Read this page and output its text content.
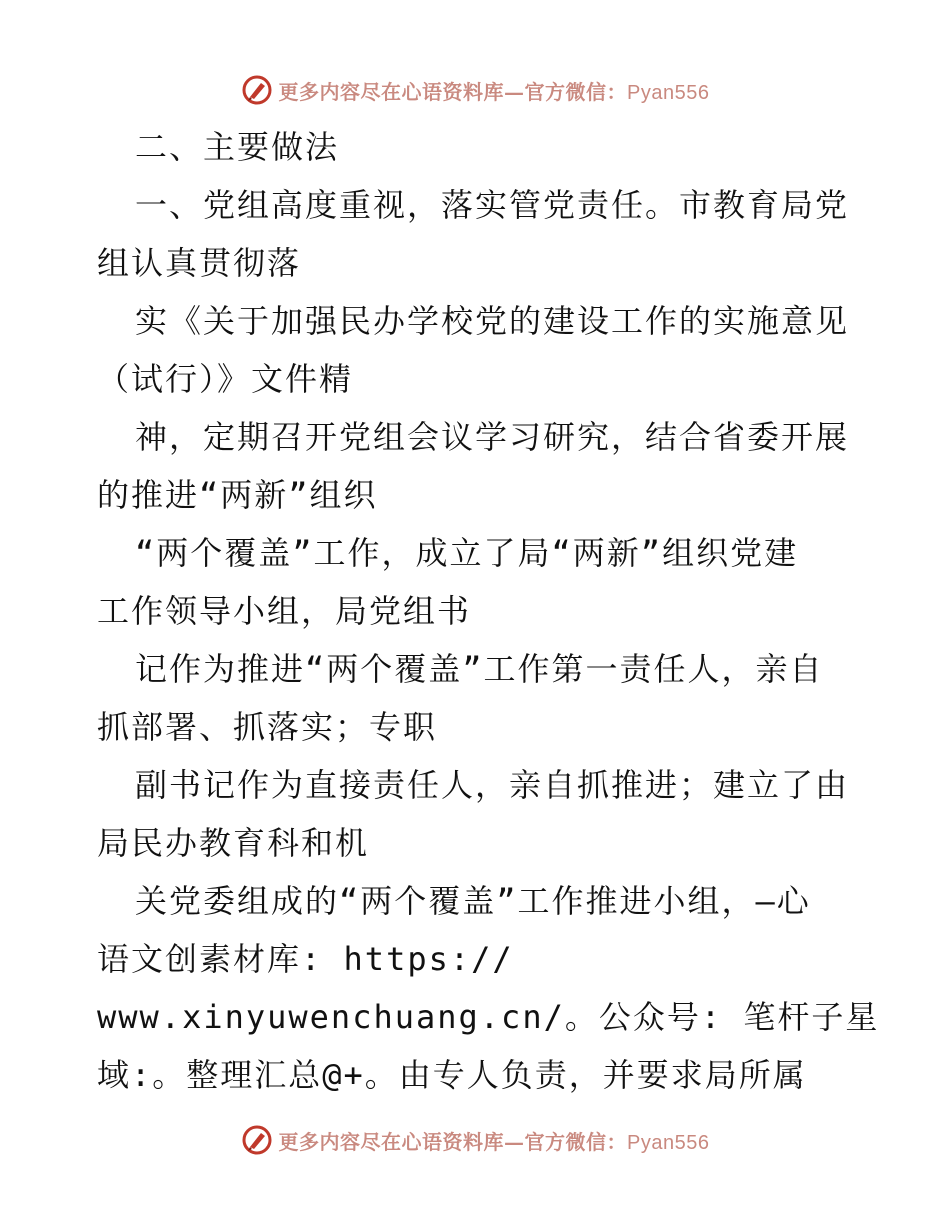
更多内容尽在心语资料库—官方微信：Pyan556
二、主要做法
一、党组高度重视，落实管党责任。市教育局党
组认真贯彻落
实《关于加强民办学校党的建设工作的实施意见
（试行）》文件精
神，定期召开党组会议学习研究，结合省委开展
的推进“两新”组织
“两个覆盖”工作，成立了局“两新”组织党建
工作领导小组，局党组书
记作为推进“两个覆盖”工作第一责任人，亲自
抓部署、抓落实；专职
副书记作为直接责任人，亲自抓推进；建立了由
局民办教育科和机
关党委组成的“两个覆盖”工作推进小组，—心
语文创素材库: https://
www.xinyuwenchuang.cn/。公众号: 笔杆子星
域:。整理汇总@+。由专人负责，并要求局所属
更多内容尽在心语资料库—官方微信：Pyan556
